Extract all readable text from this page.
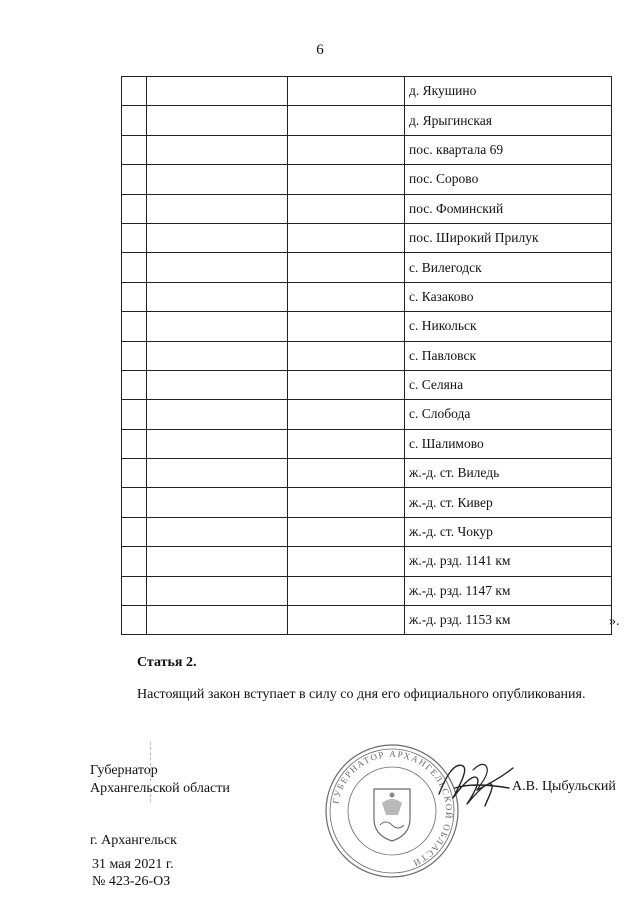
6
			д. Якушино
			д. Ярыгинская
			пос. квартала 69
			пос. Сорово
			пос. Фоминский
			пос. Широкий Прилук
			с. Вилегодск
			с. Казаково
			с. Никольск
			с. Павловск
			с. Селяна
			с. Слобода
			с. Шалимово
			ж.-д. ст. Виледь
			ж.-д. ст. Кивер
			ж.-д. ст. Чокур
			ж.-д. рзд. 1141 км
			ж.-д. рзд. 1147 км
			ж.-д. рзд. 1153 км	».
Статья 2.
Настоящий закон вступает в силу со дня его официального опубликования.
Губернатор
Архангельской области
ГУБЕРНАТОР АРХАНГЕЛЬСКОЙ ОБЛАСТИ
А.В. Цыбульский
г. Архангельск
31 мая 2021 г.
№ 423-26-ОЗ
